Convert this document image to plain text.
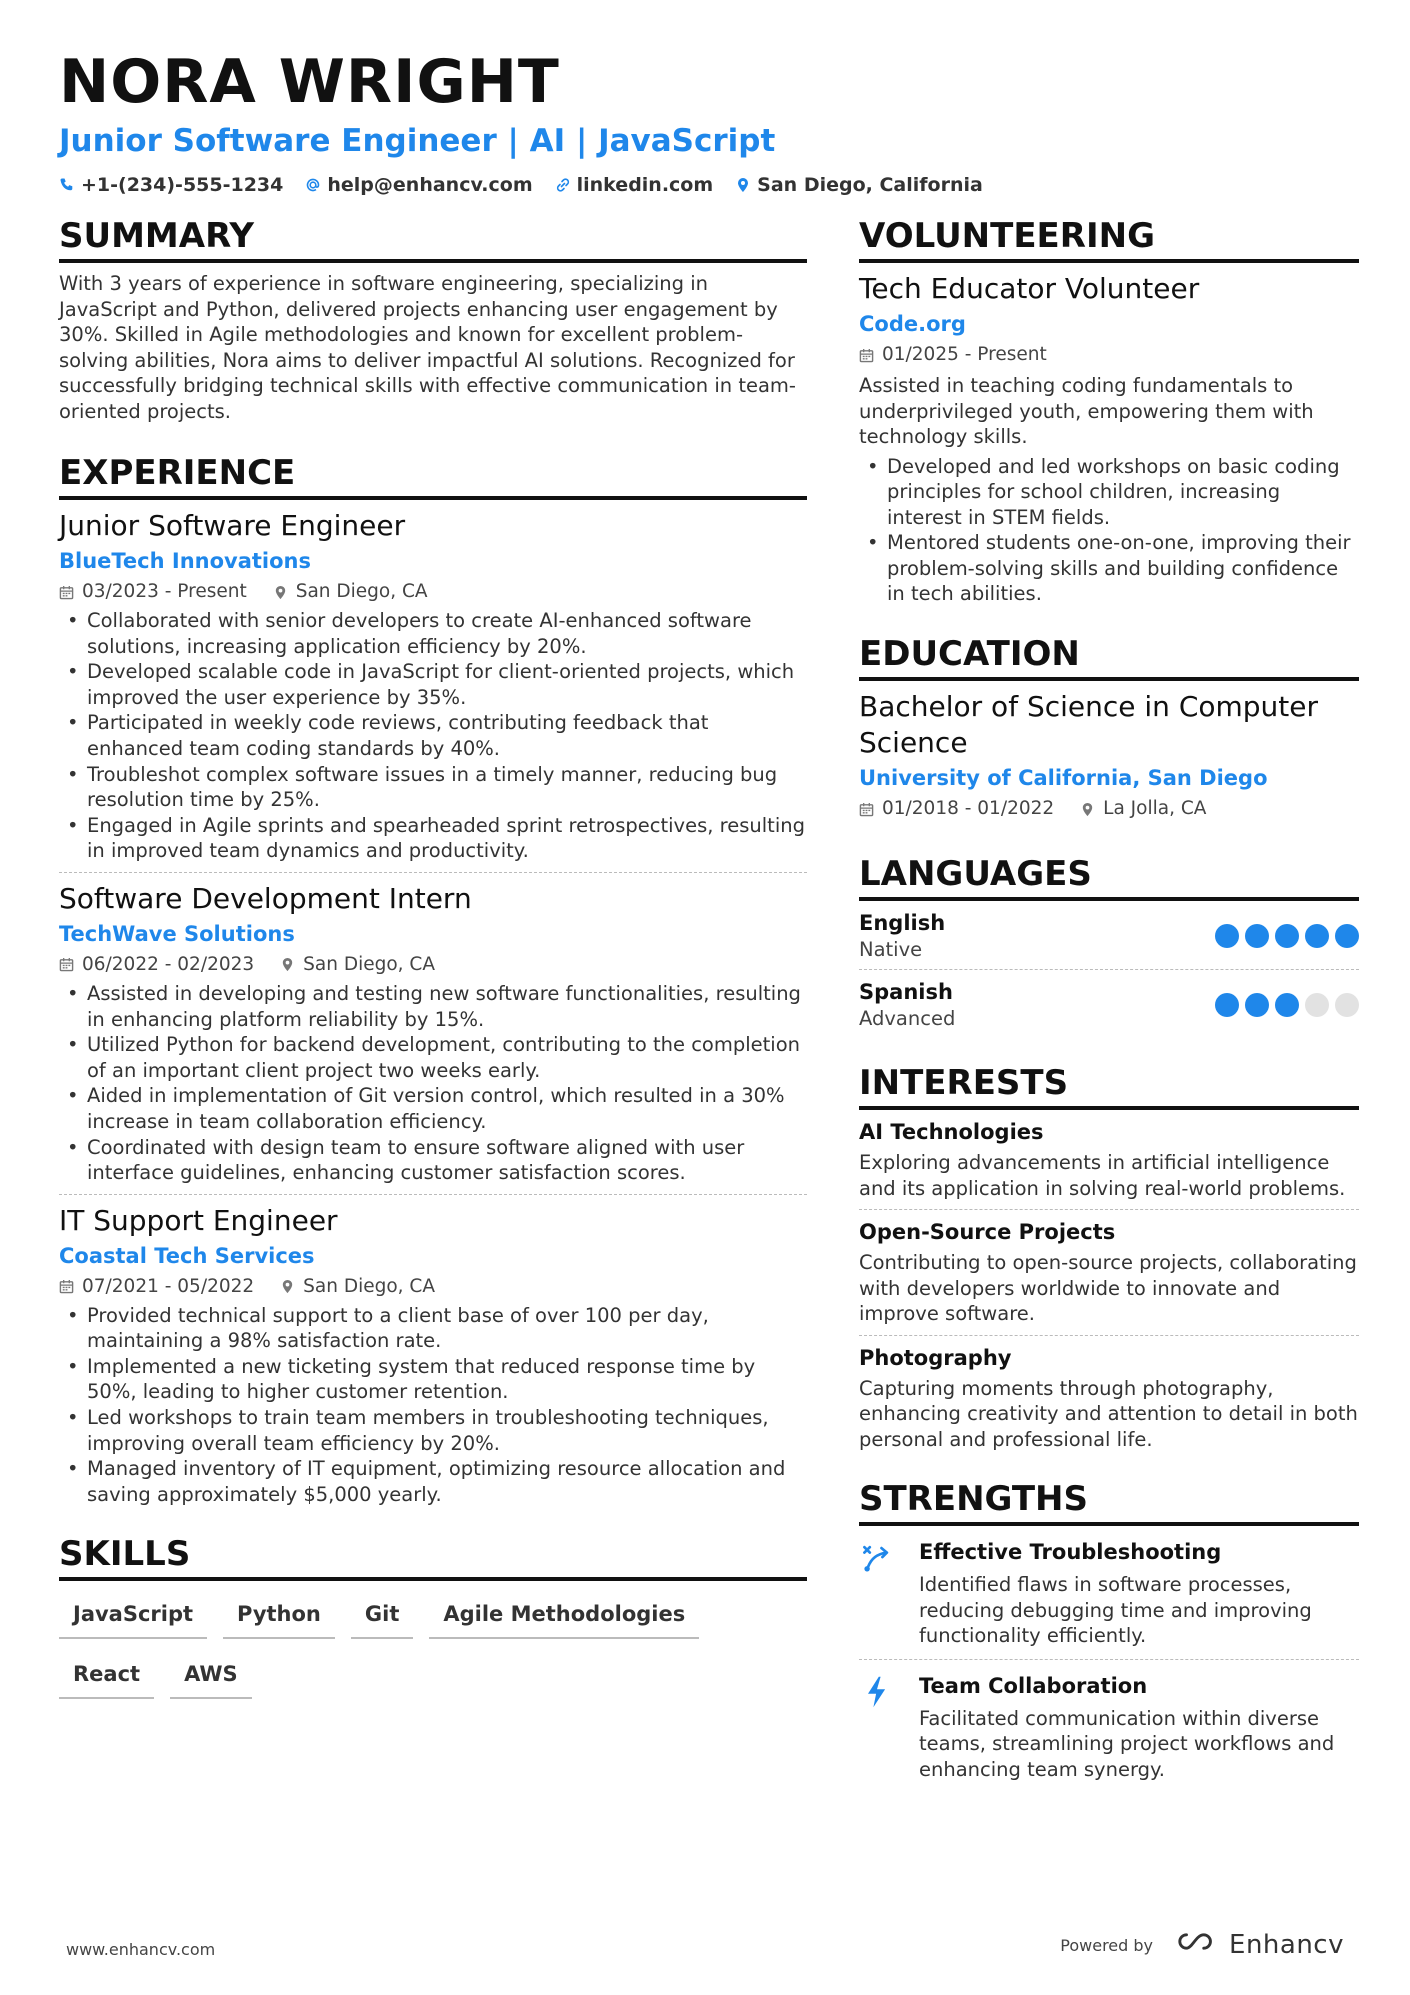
NORA WRIGHT
Junior Software Engineer | AI | JavaScript
+1-(234)-555-1234 help@enhancv.com linkedin.com San Diego, California
SUMMARY
With 3 years of experience in software engineering, specializing in JavaScript and Python, delivered projects enhancing user engagement by 30%. Skilled in Agile methodologies and known for excellent problem-solving abilities, Nora aims to deliver impactful AI solutions. Recognized for successfully bridging technical skills with effective communication in team-oriented projects.
EXPERIENCE
Junior Software Engineer
BlueTech Innovations
03/2023 - Present	San Diego, CA
• Collaborated with senior developers to create AI-enhanced software solutions, increasing application efficiency by 20%.
• Developed scalable code in JavaScript for client-oriented projects, which improved the user experience by 35%.
• Participated in weekly code reviews, contributing feedback that enhanced team coding standards by 40%.
• Troubleshot complex software issues in a timely manner, reducing bug resolution time by 25%.
• Engaged in Agile sprints and spearheaded sprint retrospectives, resulting in improved team dynamics and productivity.
Software Development Intern
TechWave Solutions
06/2022 - 02/2023	San Diego, CA
• Assisted in developing and testing new software functionalities, resulting in enhancing platform reliability by 15%.
• Utilized Python for backend development, contributing to the completion of an important client project two weeks early.
• Aided in implementation of Git version control, which resulted in a 30% increase in team collaboration efficiency.
• Coordinated with design team to ensure software aligned with user interface guidelines, enhancing customer satisfaction scores.
IT Support Engineer
Coastal Tech Services
07/2021 - 05/2022	San Diego, CA
• Provided technical support to a client base of over 100 per day, maintaining a 98% satisfaction rate.
• Implemented a new ticketing system that reduced response time by 50%, leading to higher customer retention.
• Led workshops to train team members in troubleshooting techniques, improving overall team efficiency by 20%.
• Managed inventory of IT equipment, optimizing resource allocation and saving approximately $5,000 yearly.
SKILLS
JavaScript	Python	Git	Agile Methodologies
React	AWS
VOLUNTEERING
Tech Educator Volunteer
Code.org
01/2025 - Present
Assisted in teaching coding fundamentals to underprivileged youth, empowering them with technology skills.
• Developed and led workshops on basic coding principles for school children, increasing interest in STEM fields.
• Mentored students one-on-one, improving their problem-solving skills and building confidence in tech abilities.
EDUCATION
Bachelor of Science in Computer Science
University of California, San Diego
01/2018 - 01/2022	La Jolla, CA
LANGUAGES
English
Native
Spanish
Advanced
INTERESTS
AI Technologies
Exploring advancements in artificial intelligence and its application in solving real-world problems.
Open-Source Projects
Contributing to open-source projects, collaborating with developers worldwide to innovate and improve software.
Photography
Capturing moments through photography, enhancing creativity and attention to detail in both personal and professional life.
STRENGTHS
Effective Troubleshooting
Identified flaws in software processes, reducing debugging time and improving functionality efficiently.
Team Collaboration
Facilitated communication within diverse teams, streamlining project workflows and enhancing team synergy.
www.enhancv.com	Powered by	Enhancv
